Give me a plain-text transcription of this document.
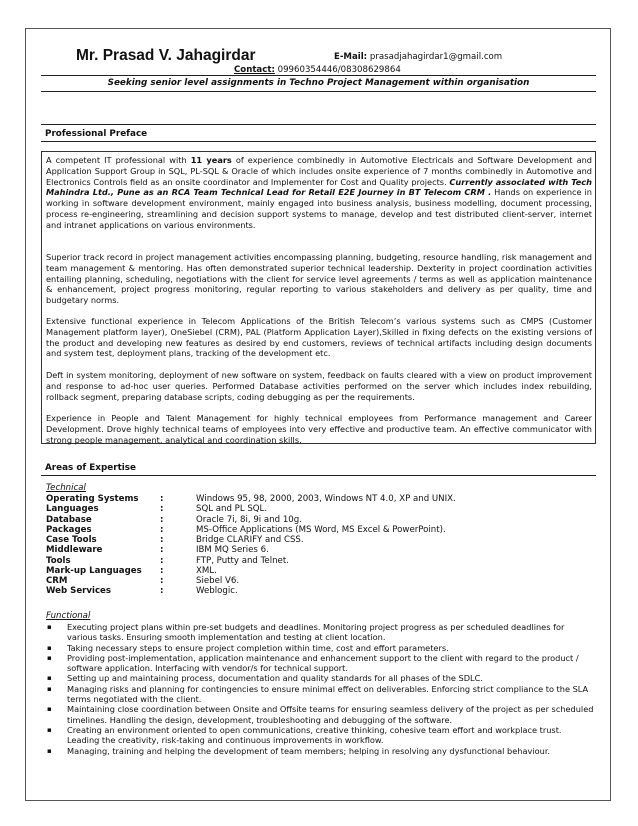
Mr. Prasad V. Jahagirdar	E-Mail: prasadjahagirdar1@gmail.com
Contact: 09960354446/08308629864
Seeking senior level assignments in Techno Project Management within organisation
Professional Preface
A competent IT professional with 11 years of experience combinedly in Automotive Electricals and Software Development and Application Support Group in SQL, PL-SQL & Oracle of which includes onsite experience of 7 months combinedly in Automotive and Electronics Controls field as an onsite coordinator and Implementer for Cost and Quality projects. Currently associated with Tech Mahindra Ltd., Pune as an RCA Team Technical Lead for Retail E2E Journey in BT Telecom CRM . Hands on experience in working in software development environment, mainly engaged into business analysis, business modelling, document processing, process re-engineering, streamlining and decision support systems to manage, develop and test distributed client-server, internet and intranet applications on various environments.
Superior track record in project management activities encompassing planning, budgeting, resource handling, risk management and team management & mentoring. Has often demonstrated superior technical leadership. Dexterity in project coordination activities entailing planning, scheduling, negotiations with the client for service level agreements / terms as well as application maintenance & enhancement, project progress monitoring, regular reporting to various stakeholders and delivery as per quality, time and budgetary norms.
Extensive functional experience in Telecom Applications of the British Telecom’s various systems such as CMPS (Customer Management platform layer), OneSiebel (CRM), PAL (Platform Application Layer),Skilled in fixing defects on the existing versions of the product and developing new features as desired by end customers, reviews of technical artifacts including design documents and system test, deployment plans, tracking of the development etc.
Deft in system monitoring, deployment of new software on system, feedback on faults cleared with a view on product improvement and response to ad-hoc user queries. Performed Database activities performed on the server which includes index rebuilding, rollback segment, preparing database scripts, coding debugging as per the requirements.
Experience in People and Talent Management for highly technical employees from Performance management and Career Development. Drove highly technical teams of employees into very effective and productive team. An effective communicator with strong people management, analytical and coordination skills.
Areas of Expertise
Technical
Operating Systems	:	Windows 95, 98, 2000, 2003, Windows NT 4.0, XP and UNIX.
Languages	:	SQL and PL SQL.
Database	:	Oracle 7i, 8i, 9i and 10g.
Packages	:	MS-Office Applications (MS Word, MS Excel & PowerPoint).
Case Tools	:	Bridge CLARIFY and CSS.
Middleware	:	IBM MQ Series 6.
Tools	:	FTP, Putty and Telnet.
Mark-up Languages	:	XML.
CRM	:	Siebel V6.
Web Services	:	Weblogic.
Functional
▪	Executing project plans within pre-set budgets and deadlines. Monitoring project progress as per scheduled deadlines for various tasks. Ensuring smooth implementation and testing at client location.
▪	Taking necessary steps to ensure project completion within time, cost and effort parameters.
▪	Providing post-implementation, application maintenance and enhancement support to the client with regard to the product / software application. Interfacing with vendor/s for technical support.
▪	Setting up and maintaining process, documentation and quality standards for all phases of the SDLC.
▪	Managing risks and planning for contingencies to ensure minimal effect on deliverables. Enforcing strict compliance to the SLA terms negotiated with the client.
▪	Maintaining close coordination between Onsite and Offsite teams for ensuring seamless delivery of the project as per scheduled timelines. Handling the design, development, troubleshooting and debugging of the software.
▪	Creating an environment oriented to open communications, creative thinking, cohesive team effort and workplace trust. Leading the creativity, risk-taking and continuous improvements in workflow.
▪	Managing, training and helping the development of team members; helping in resolving any dysfunctional behaviour.
